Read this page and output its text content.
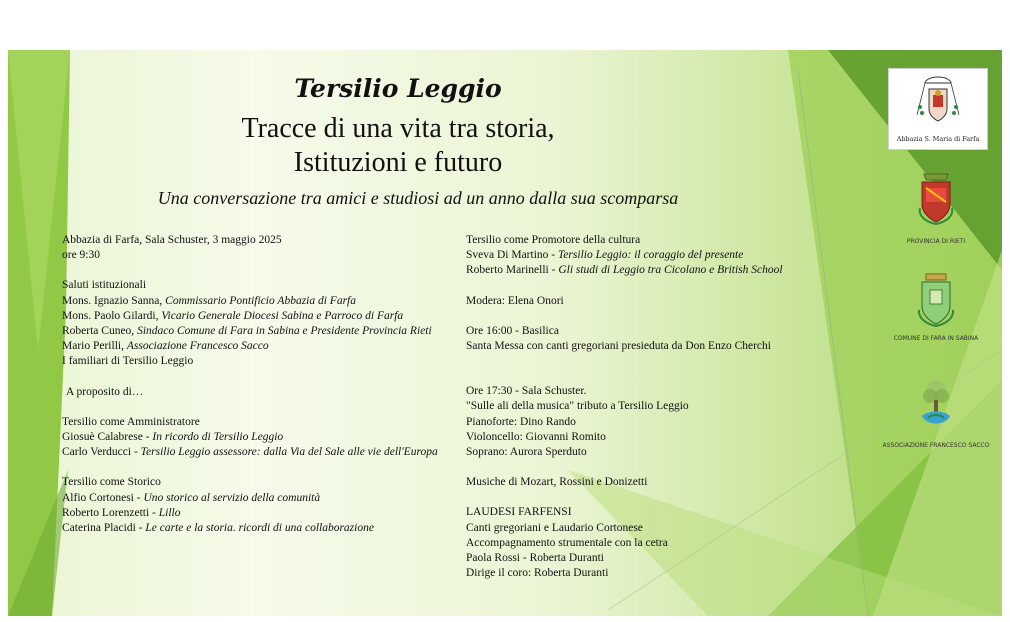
Tersilio Leggio
Tracce di una vita tra storia,
Istituzioni e futuro
Una conversazione tra amici e studiosi ad un anno dalla sua scomparsa
Abbazia di Farfa, Sala Schuster, 3 maggio 2025
ore 9:30
Saluti istituzionali
Mons. Ignazio Sanna, Commissario Pontificio Abbazia di Farfa
Mons. Paolo Gilardi, Vicario Generale Diocesi Sabina e Parroco di Farfa
Roberta Cuneo, Sindaco Comune di Fara in Sabina e Presidente Provincia Rieti
Mario Perilli, Associazione Francesco Sacco
I familiari di Tersilio Leggio
A proposito di…
Tersilio come Amministratore
Giosuè Calabrese - In ricordo di Tersilio Leggio
Carlo Verducci - Tersilio Leggio assessore: dalla Via del Sale alle vie dell'Europa
Tersilio come Storico
Alfio Cortonesi - Uno storico al servizio della comunità
Roberto Lorenzetti - Lillo
Caterina Placidi - Le carte e la storia. ricordi di una collaborazione
Tersilio come Promotore della cultura
Sveva Di Martino - Tersilio Leggio: il coraggio del presente
Roberto Marinelli - Gli studi di Leggio tra Cicolano e British School
Modera: Elena Onori
Ore 16:00 - Basilica
Santa Messa con canti gregoriani presieduta da Don Enzo Cherchi
Ore 17:30 - Sala Schuster.
"Sulle ali della musica" tributo a Tersilio Leggio
Pianoforte: Dino Rando
Violoncello: Giovanni Romito
Soprano: Aurora Sperduto
Musiche di Mozart, Rossini e Donizetti
LAUDESI FARFENSI
Canti gregoriani e Laudario Cortonese
Accompagnamento strumentale con la cetra
Paola Rossi - Roberta Duranti
Dirige il coro: Roberta Duranti
Abbazia S. Maria di Farfa
PROVINCIA DI RIETI
COMUNE DI FARA IN SABINA
ASSOCIAZIONE FRANCESCO SACCO
